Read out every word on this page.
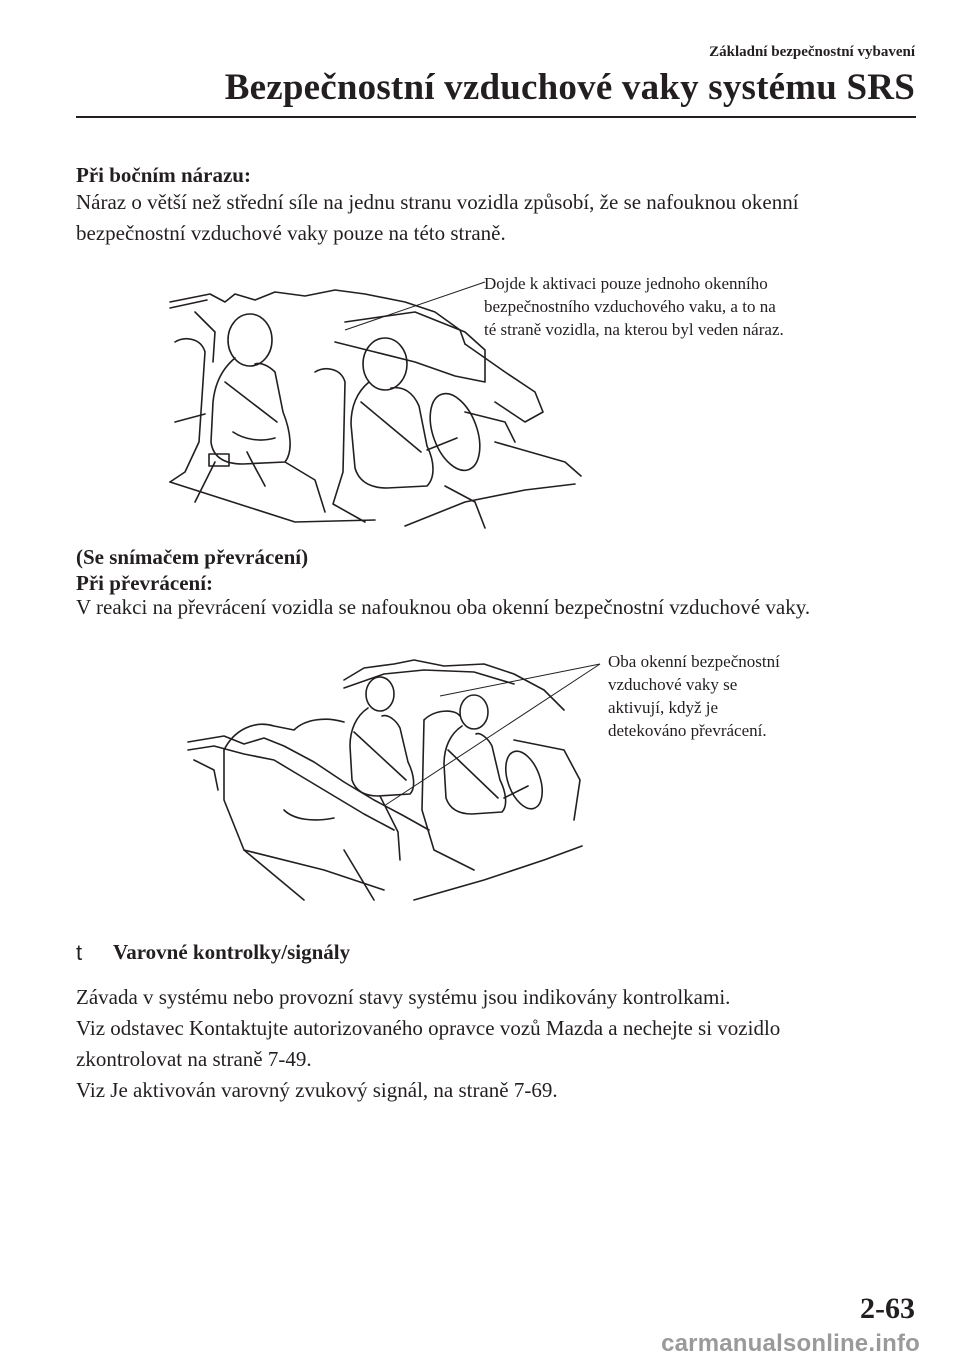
Základní bezpečnostní vybavení
Bezpečnostní vzduchové vaky systému SRS
Při bočním nárazu:
Náraz o větší než střední síle na jednu stranu vozidla způsobí, že se nafouknou okenní
bezpečnostní vzduchové vaky pouze na této straně.
Dojde k aktivaci pouze jednoho okenního
bezpečnostního vzduchového vaku, a to na
té straně vozidla, na kterou byl veden náraz.
(Se snímačem převrácení)
Při převrácení:
V reakci na převrácení vozidla se nafouknou oba okenní bezpečnostní vzduchové vaky.
Oba okenní bezpečnostní
vzduchové vaky se
aktivují, když je
detekováno převrácení.
t Varovné kontrolky/signály
Závada v systému nebo provozní stavy systému jsou indikovány kontrolkami.
Viz odstavec Kontaktujte autorizovaného opravce vozů Mazda a nechejte si vozidlo
zkontrolovat na straně 7-49.
Viz Je aktivován varovný zvukový signál, na straně 7-69.
2-63
carmanualsonline.info
